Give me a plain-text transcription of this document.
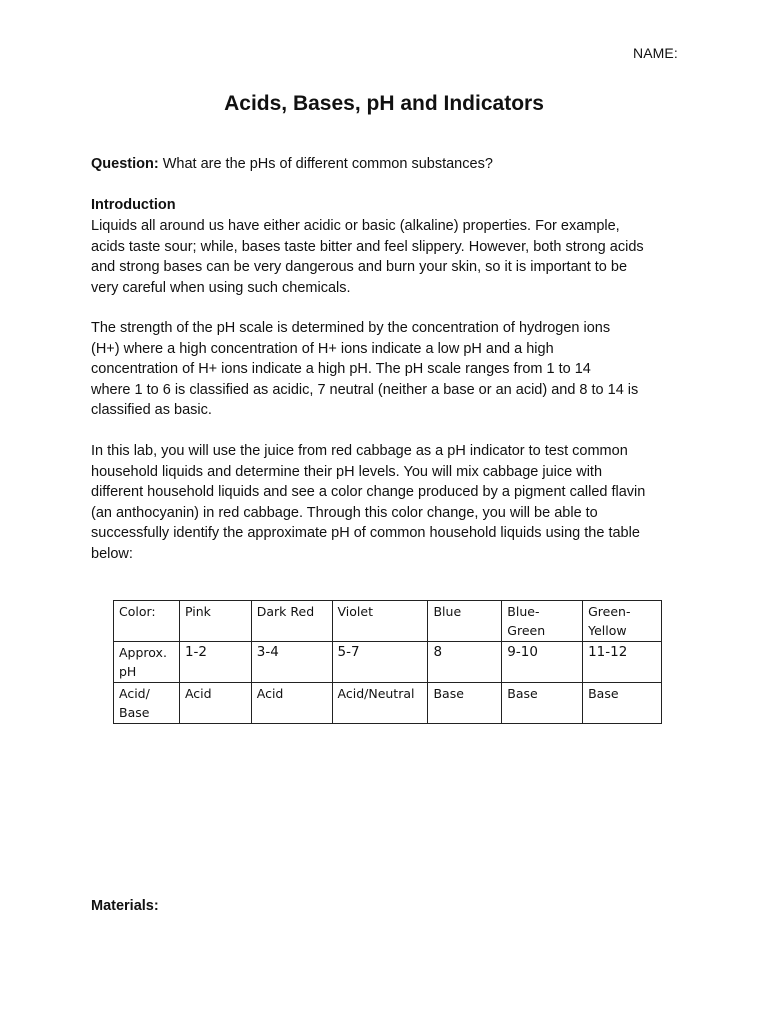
NAME:
Acids, Bases, pH and Indicators
Question: What are the pHs of different common substances?
Introduction
Liquids all around us have either acidic or basic (alkaline) properties. For example,
acids taste sour; while, bases taste bitter and feel slippery. However, both strong acids
and strong bases can be very dangerous and burn your skin, so it is important to be
very careful when using such chemicals.
The strength of the pH scale is determined by the concentration of hydrogen ions
(H+) where a high concentration of H+ ions indicate a low pH and a high
concentration of H+ ions indicate a high pH. The pH scale ranges from 1 to 14
where 1 to 6 is classified as acidic, 7 neutral (neither a base or an acid) and 8 to 14 is
classified as basic.
In this lab, you will use the juice from red cabbage as a pH indicator to test common
household liquids and determine their pH levels. You will mix cabbage juice with
different household liquids and see a color change produced by a pigment called flavin
(an anthocyanin) in red cabbage. Through this color change, you will be able to
successfully identify the approximate pH of common household liquids using the table
below:
Color:	Pink	Dark Red	Violet	Blue	Blue-
Green	Green-
Yellow
Approx.
pH	1-2	3-4	5-7	8	9-10	11-12
Acid/
Base	Acid	Acid	Acid/Neutral	Base	Base	Base
Materials:
